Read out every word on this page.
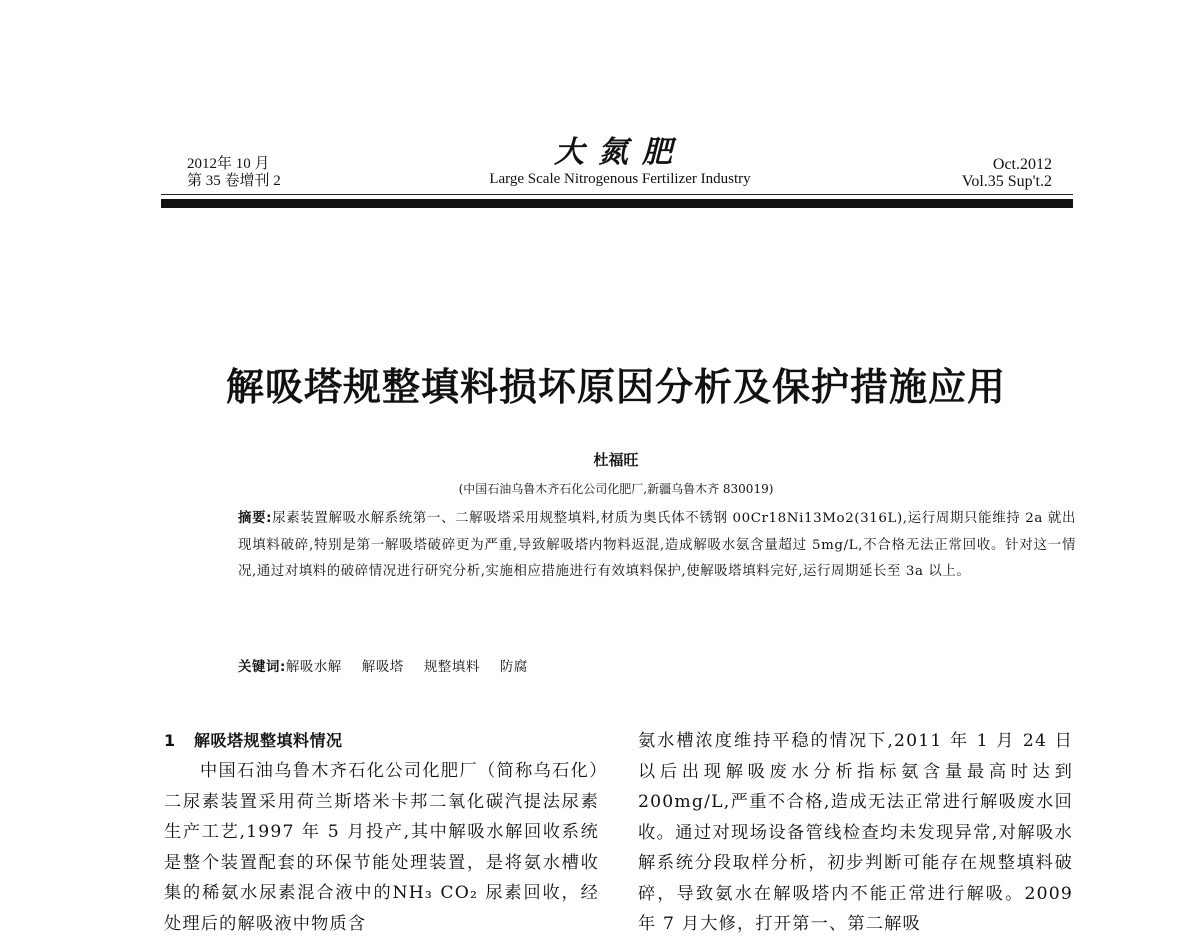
2012年 10 月
第 35 卷增刊 2
大氮肥
Large Scale Nitrogenous Fertilizer Industry
Oct.2012
Vol.35 Sup't.2
解吸塔规整填料损坏原因分析及保护措施应用
杜福旺
(中国石油乌鲁木齐石化公司化肥厂,新疆乌鲁木齐 830019)
摘要:尿素装置解吸水解系统第一、二解吸塔采用规整填料,材质为奥氏体不锈钢 00Cr18Ni13Mo2(316L),运行周期只能维持 2a 就出现填料破碎,特别是第一解吸塔破碎更为严重,导致解吸塔内物料返混,造成解吸水氨含量超过 5mg/L,不合格无法正常回收。针对这一情况,通过对填料的破碎情况进行研究分析,实施相应措施进行有效填料保护,使解吸塔填料完好,运行周期延长至 3a 以上。
关键词:解吸水解 解吸塔 规整填料 防腐
1 解吸塔规整填料情况
中国石油乌鲁木齐石化公司化肥厂（简称乌石化）二尿素装置采用荷兰斯塔米卡邦二氧化碳汽提法尿素生产工艺,1997 年 5 月投产,其中解吸水解回收系统是整个装置配套的环保节能处理装置，是将氨水槽收集的稀氨水尿素混合液中的NH₃ CO₂ 尿素回收，经处理后的解吸液中物质含
氨水槽浓度维持平稳的情况下,2011 年 1 月 24 日以后出现解吸废水分析指标氨含量最高时达到200mg/L,严重不合格,造成无法正常进行解吸废水回收。通过对现场设备管线检查均未发现异常,对解吸水解系统分段取样分析，初步判断可能存在规整填料破碎，导致氨水在解吸塔内不能正常进行解吸。2009 年 7 月大修，打开第一、第二解吸
